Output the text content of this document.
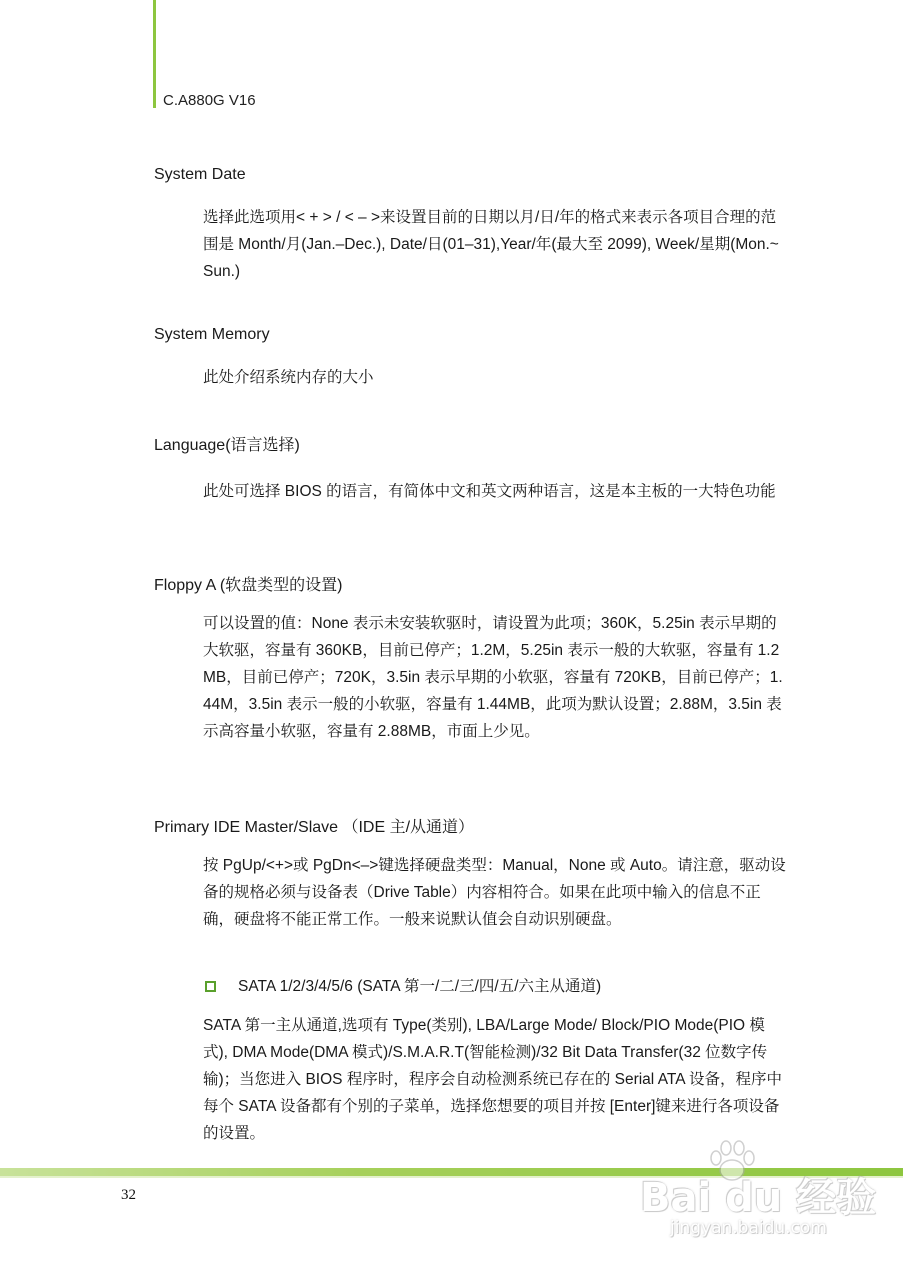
C.A880G V16
System Date

选择此选项用< + > / < – >来设置目前的日期以月/日/年的格式来表示各项目合理的范围是 Month/月(Jan.–Dec.), Date/日(01–31),Year/年(最大至 2099), Week/星期(Mon.~ Sun.)

System Memory

此处介绍系统内存的大小

Language(语言选择)

此处可选择 BIOS 的语言，有简体中文和英文两种语言，这是本主板的一大特色功能

Floppy A (软盘类型的设置)

可以设置的值：None 表示未安装软驱时，请设置为此项；360K，5.25in 表示早期的大软驱，容量有 360KB，目前已停产；1.2M，5.25in 表示一般的大软驱，容量有 1.2MB，目前已停产；720K，3.5in 表示早期的小软驱，容量有 720KB，目前已停产；1.44M，3.5in 表示一般的小软驱，容量有 1.44MB，此项为默认设置；2.88M，3.5in 表示高容量小软驱，容量有 2.88MB，市面上少见。

Primary IDE Master/Slave （IDE 主/从通道）

按 PgUp/<+>或 PgDn<–>键选择硬盘类型：Manual，None 或 Auto。请注意，驱动设备的规格必须与设备表（Drive Table）内容相符合。如果在此项中输入的信息不正确，硬盘将不能正常工作。一般来说默认值会自动识别硬盘。

SATA 1/2/3/4/5/6 (SATA 第一/二/三/四/五/六主从通道)

SATA 第一主从通道,选项有 Type(类别), LBA/Large Mode/ Block/PIO Mode(PIO 模式), DMA Mode(DMA 模式)/S.M.A.R.T(智能检测)/32 Bit Data Transfer(32 位数字传输)；当您进入 BIOS 程序时，程序会自动检测系统已存在的 Serial ATA 设备，程序中每个 SATA 设备都有个别的子菜单，选择您想要的项目并按 [Enter]键来进行各项设备的设置。

32	Bai du 经验
jingyan.baidu.com
